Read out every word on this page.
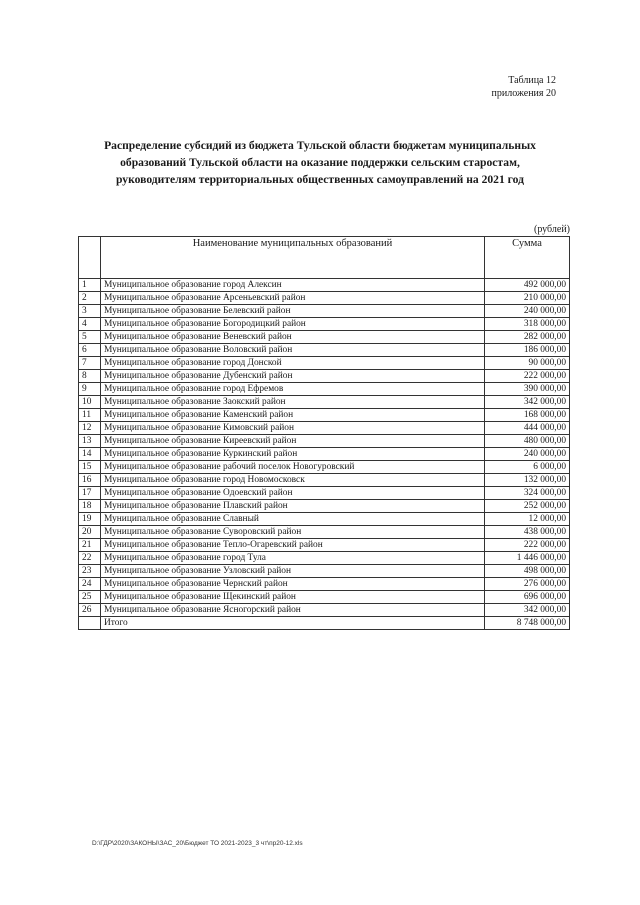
Таблица 12
приложения 20
Распределение субсидий из бюджета Тульской области бюджетам муниципальных
образований Тульской области на оказание поддержки сельским старостам,
руководителям территориальных общественных самоуправлений на 2021 год
(рублей)
	Наименование муниципальных образований	Сумма
1	Муниципальное образование город Алексин	492 000,00
2	Муниципальное образование Арсеньевский район	210 000,00
3	Муниципальное образование Белевский район	240 000,00
4	Муниципальное образование Богородицкий район	318 000,00
5	Муниципальное образование Веневский район	282 000,00
6	Муниципальное образование Воловский район	186 000,00
7	Муниципальное образование город Донской	90 000,00
8	Муниципальное образование Дубенский район	222 000,00
9	Муниципальное образование город Ефремов	390 000,00
10	Муниципальное образование Заокский район	342 000,00
11	Муниципальное образование Каменский район	168 000,00
12	Муниципальное образование Кимовский район	444 000,00
13	Муниципальное образование Киреевский район	480 000,00
14	Муниципальное образование Куркинский район	240 000,00
15	Муниципальное образование рабочий поселок Новогуровский	6 000,00
16	Муниципальное образование город Новомосковск	132 000,00
17	Муниципальное образование Одоевский район	324 000,00
18	Муниципальное образование Плавский район	252 000,00
19	Муниципальное образование Славный	12 000,00
20	Муниципальное образование Суворовский район	438 000,00
21	Муниципальное образование Тепло-Огаревский район	222 000,00
22	Муниципальное образование город Тула	1 446 000,00
23	Муниципальное образование Узловский район	498 000,00
24	Муниципальное образование Чернский район	276 000,00
25	Муниципальное образование Щекинский район	696 000,00
26	Муниципальное образование Ясногорский район	342 000,00
	Итого	8 748 000,00
D:\ГДР\2020\ЗАКОНЫ\ЗАС_20\Бюджет ТО 2021-2023_3 чт\пр20-12.xls
